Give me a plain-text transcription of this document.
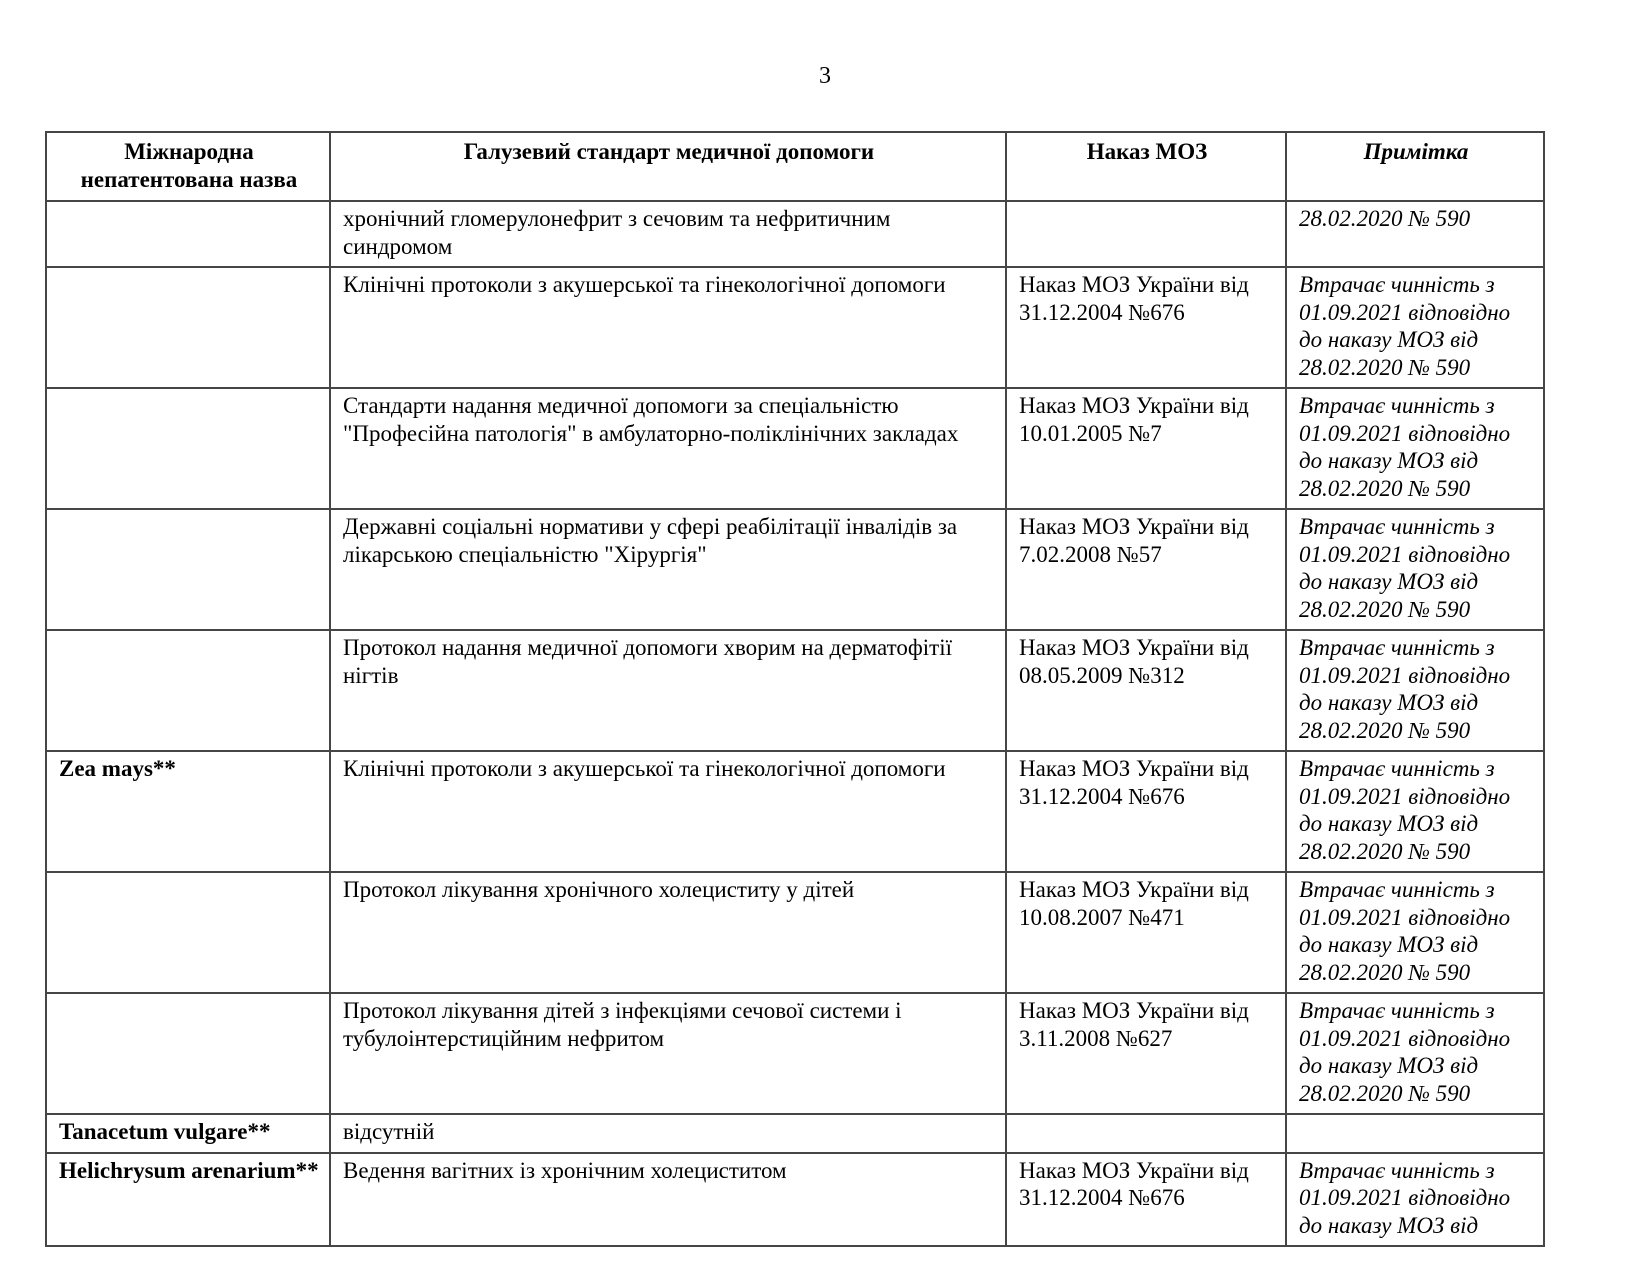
3
Міжнародна непатентована назва	Галузевий стандарт медичної допомоги	Наказ МОЗ	Примітка
	хронічний гломерулонефрит з сечовим та нефритичним синдромом		28.02.2020 № 590
	Клінічні протоколи з акушерської та гінекологічної допомоги	Наказ МОЗ України від 31.12.2004 №676	Втрачає чинність з 01.09.2021 відповідно до наказу МОЗ від 28.02.2020 № 590
	Стандарти надання медичної допомоги за спеціальністю "Професійна патологія" в амбулаторно-поліклінічних закладах	Наказ МОЗ України від 10.01.2005 №7	Втрачає чинність з 01.09.2021 відповідно до наказу МОЗ від 28.02.2020 № 590
	Державні соціальні нормативи у сфері реабілітації інвалідів за лікарською спеціальністю "Хірургія"	Наказ МОЗ України від 7.02.2008 №57	Втрачає чинність з 01.09.2021 відповідно до наказу МОЗ від 28.02.2020 № 590
	Протокол надання медичної допомоги хворим на дерматофітії нігтів	Наказ МОЗ України від 08.05.2009 №312	Втрачає чинність з 01.09.2021 відповідно до наказу МОЗ від 28.02.2020 № 590
Zea mays**	Клінічні протоколи з акушерської та гінекологічної допомоги	Наказ МОЗ України від 31.12.2004 №676	Втрачає чинність з 01.09.2021 відповідно до наказу МОЗ від 28.02.2020 № 590
	Протокол лікування хронічного холециститу у дітей	Наказ МОЗ України від 10.08.2007 №471	Втрачає чинність з 01.09.2021 відповідно до наказу МОЗ від 28.02.2020 № 590
	Протокол лікування дітей з інфекціями сечової системи і тубулоінтерстиційним нефритом	Наказ МОЗ України від 3.11.2008 №627	Втрачає чинність з 01.09.2021 відповідно до наказу МОЗ від 28.02.2020 № 590
Tanacetum vulgare**	відсутній		
Helichrysum arenarium**	Ведення вагітних із хронічним холециститом	Наказ МОЗ України від 31.12.2004 №676	Втрачає чинність з 01.09.2021 відповідно до наказу МОЗ від
